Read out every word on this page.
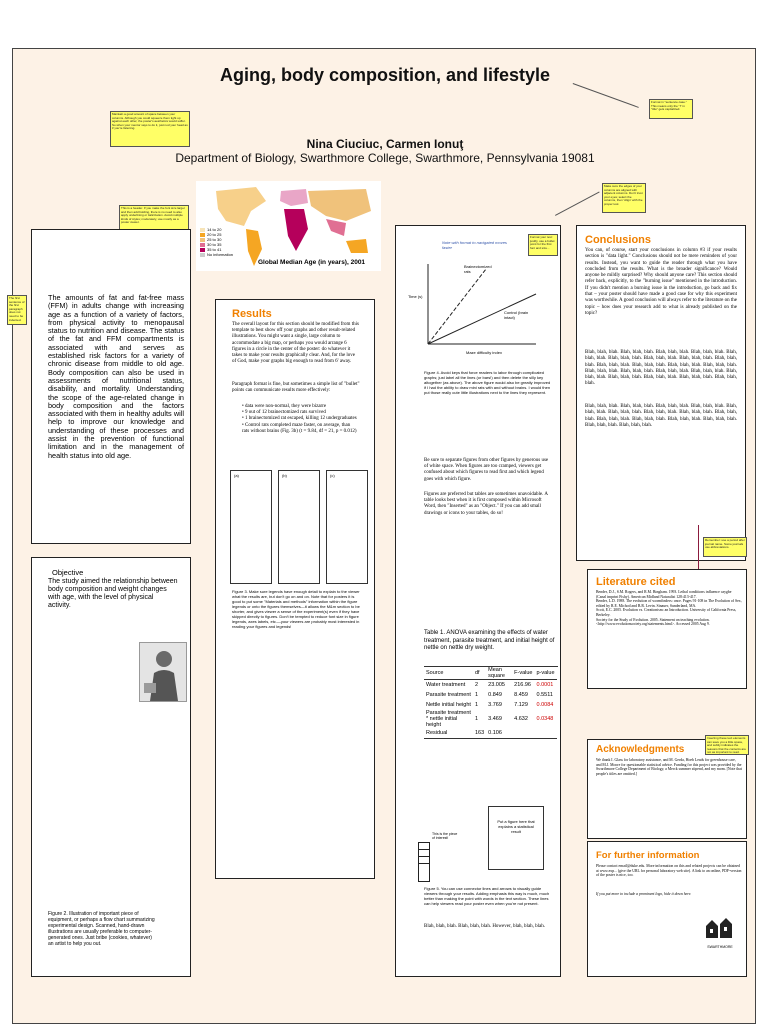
Aging, body composition, and lifestyle
Maintain a good amount of space between your columns. Although you could squeeze them tight up against each other, the poster's aesthetics would suffer. So when your mentor says to do it, just nod your head as if you're listening.
Format in "sentence case." This means only the "I" in "title" gets capitalized.
Nina Ciuciuc, Carmen Ionuţ
Department of Biology, Swarthmore College, Swarthmore, Pennsylvania 19081
14 to 20
20 to 25
25 to 30
30 to 35
35 to 41
No information
Global Median Age (in years), 2001
This is a header. If you make the font size larger and then add bolding, there is no need to also apply underlining or italicization. Avoid multiple kinds of styles; moderately, use mostly as a poster viewer.
Make sure the edges of your columns are aligned with adjacent columns. Don't trust your eyes; select the columns, then 'Align' with the proper tool.
The amounts of fat and fat-free mass (FFM) in adults change with increasing age as a function of a variety of factors, from physical activity to menopausal status to nutrition and disease. The status of the fat and FFM compartments is associated with and serves as established risk factors for a variety of chronic disease from middle to old age. Body composition can also be used in assessments of nutritional status, disability, and mortality. Understanding the scope of the age-related change in body composition and the factors associated with them in healthy adults will help to improve our knowledge and understanding of these processes and assist in the prevention of functional limitation and in the management of health status into old age.
The first sentence of the first paragraph does not need to be indented.
Objective
The study aimed the relationship between body composition and weight changes with age, with the level of physical activity.
Figure 2. Illustration of important piece of equipment, or perhaps a flow chart summarizing experimental design. Scanned, hand-drawn illustrations are usually preferable to computer-generated ones. Just bribe (cookies, whatever) an artist to help you out.
Results
The overall layout for this section should be modified from this template to best show off your graphs and other result-related illustrations. You might want a single, large column to accommodate a big map, or perhaps you would arrange 6 figures in a circle in the center of the poster: do whatever it takes to make your results graphically clear. And, for the love of God, make your graphs big enough to read from 6' away.
Paragraph format is fine, but sometimes a simple list of "bullet" points can communicate results more effectively:
• data were non-normal, they were bizarre
• 9 out of 12 brainectomized rats survived
• 1 brainectomized rat escaped, killing 12 undergraduates
• Control rats completed maze faster, on average, than rats without brains (Fig. 3b) (t = 9.84, df = 21, p = 0.012)
(a)	(b)	(c)
Figure 3. Make sure legends have enough detail to explain to the viewer what the results are, but don't go on and on. Note that for posters it is good to put some "Materials and methods" information within the figure legends or onto the figures themselves—it allows the M&m section to be shorter, and gives viewer a sense of the experiment(s) even if they have skipped directly to figures. Don't be tempted to reduce font size in figure legends, axes labels, etc.—your viewers are probably most interested in reading your figures and legends!
Note with format to navigated moves faster
Brainectomized rats
Control (brain intact)
Time (s)
Maze difficulty index
Format your text: justify, use a bullet point for the first font and size...
Figure 4. Avoid keys that force readers to labor through complicated graphs; just label all the lines (or bars!) and then delete the silly key altogether (as above). The above figure would also be greatly improved if I had the ability to draw mini rats with and without brains. I would then put those really cute little illustrations next to the lines they represent.
Be sure to separate figures from other figures by generous use of white space. When figures are too cramped, viewers get confused about which figures to read first and which legend goes with which figure.
Figures are preferred but tables are sometimes unavoidable. A table looks best when it is first composed within Microsoft Word, then "Inserted" as an "Object." If you can add small drawings or icons to your tables, do so!
Table 1. ANOVA examining the effects of water treatment, parasite treatment, and initial height of nettle on nettle dry weight.
Source	df	Mean square	F-value	p-value
Water treatment	2	23.005	216.96	0.0001
Parasite treatment	1	0.849	8.459	0.5511
Nettle initial height	1	3.769	7.129	0.0084
Parasite treatment * nettle initial height	1	3.469	4.632	0.0348
Residual	163	0.106		
Put a figure here that explains a statistical result
This is the piece of interest!
Figure 5. You can use connector lines and arrows to visually guide viewers through your results. Adding emphasis this way is much, much better than making the point with words in the text section. These lines can help viewers read your poster even when you're not present.
Blah, blah, blah. Blah, blah, blah. However, blah, blah, blah.
Conclusions
You can, of course, start your conclusions in column #3 if your results section is "data light." Conclusions should not be mere reminders of your results. Instead, you want to guide the reader through what you have concluded from the results. What is the broader significance? Would anyone be mildly surprised? Why should anyone care? This section should refer back, explicitly, to the "burning issue" mentioned in the introduction. If you didn't mention a burning issue in the introduction, go back and fix that – your poster should have made a good case for why this experiment was worthwhile. A good conclusion will always refer to the literature on the topic – how does your research add to what is already published on the topic?
Blah, blah, blah. Blah, blah, blah. Blah, blah, blah. Blah, blah, blah. Blah, blah, blah. Blah, blah, blah. Blah, blah, blah. Blah, blah, blah. Blah, blah, blah. Blah, blah, blah. Blah, blah, blah. Blah, blah, blah. Blah, blah, blah. Blah, blah, blah. Blah, blah, blah. Blah, blah, blah. Blah, blah, blah. Blah, blah, blah. Blah, blah, blah. Blah, blah, blah. Blah, blah, blah. Blah, blah, blah.
Blah, blah, blah. Blah, blah, blah. Blah, blah, blah. Blah, blah, blah. Blah, blah, blah. Blah, blah, blah. Blah, blah, blah. Blah, blah, blah. Blah, blah, blah. Blah, blah, blah. Blah, blah, blah. Blah, blah, blah. Blah, blah, blah. Blah, blah, blah. Blah, blah, blah.
Remember: use a period after journal name. Some journals use abbreviations.
Literature cited
Bender, D.J., S.M. Rogers, and R.M. Bingham. 1993. Lethal conditions influence caygbe (Canal imprint Fishy). American Midland Naturalist 128:413-417.
Bender, L.D. 1988. The evolution of wormfinders: once. Pages 91-108 in The Evolution of Sex, edited by R.E. Michod and B.R. Levin. Sinauer, Sunderland, MA.
Scott, E.C. 2005. Evolution vs. Creationism: an Introduction. University of California Press, Berkeley.
Society for the Study of Evolution. 2005. Statement on teaching evolution. <http://www.evolutionsociety.org/statements.html>. Accessed 2005 Aug 9.
Acknowledgments
We thank I. Glass for laboratory assistance, and M. Gerda, Hoeb Leads for greenhouse care, and M.J. Moore for questionable statistical advice. Funding for this project was provided by the Swarthmore College Department of Biology, a Merck summer stipend, and my mom. [Note that people's titles are omitted.]
Inserting these text elements can save you a little space, and subtly indicates the reasons that the contents are not as important to read.
For further information
Please contact email@duke.edu. More information on this and related projects can be obtained at www.exp... (give the URL for personal laboratory web site). A link to an online, PDF-version of the poster is nice, too.
If you put more to include a prominent logo, hide it down here.
SWARTHMORE
